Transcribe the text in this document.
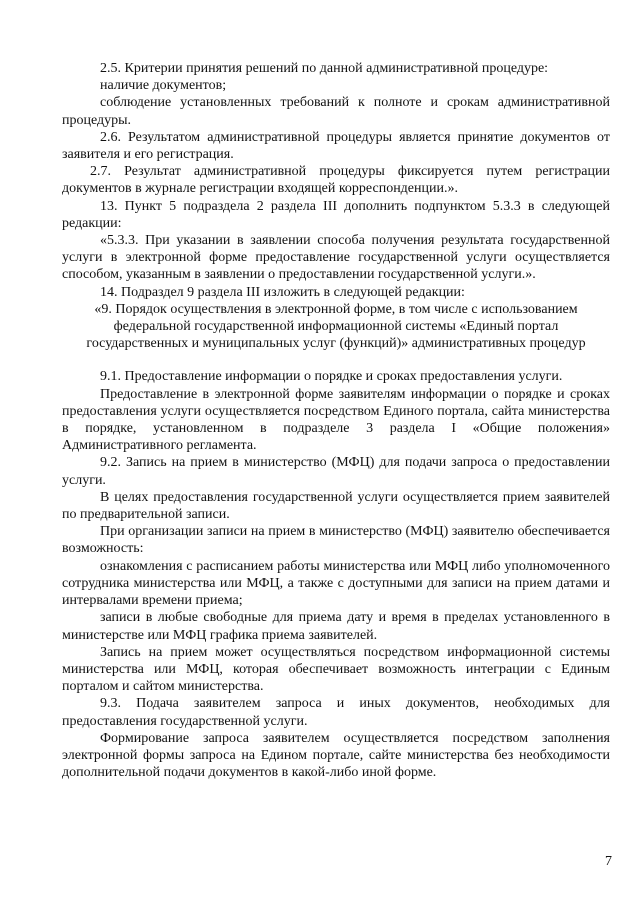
2.5. Критерии принятия решений по данной административной процедуре:

наличие документов;

соблюдение установленных требований к полноте и срокам административной процедуры.

2.6. Результатом административной процедуры является принятие документов от заявителя и его регистрация.

2.7. Результат административной процедуры фиксируется путем регистрации документов в журнале регистрации входящей корреспонденции.».

13. Пункт 5 подраздела 2 раздела III дополнить подпунктом 5.3.3 в следующей редакции:

«5.3.3. При указании в заявлении способа получения результата государственной услуги в электронной форме предоставление государственной услуги осуществляется способом, указанным в заявлении о предоставлении государственной услуги.».

14. Подраздел 9 раздела III изложить в следующей редакции:

«9. Порядок осуществления в электронной форме, в том числе с использованием федеральной государственной информационной системы «Единый портал государственных и муниципальных услуг (функций)» административных процедур

9.1. Предоставление информации о порядке и сроках предоставления услуги.

Предоставление в электронной форме заявителям информации о порядке и сроках предоставления услуги осуществляется посредством Единого портала, сайта министерства в порядке, установленном в подразделе 3 раздела I «Общие положения» Административного регламента.

9.2. Запись на прием в министерство (МФЦ) для подачи запроса о предоставлении услуги.

В целях предоставления государственной услуги осуществляется прием заявителей по предварительной записи.

При организации записи на прием в министерство (МФЦ) заявителю обеспечивается возможность:

ознакомления с расписанием работы министерства или МФЦ либо уполномоченного сотрудника министерства или МФЦ, а также с доступными для записи на прием датами и интервалами времени приема;

записи в любые свободные для приема дату и время в пределах установленного в министерстве или МФЦ графика приема заявителей.

Запись на прием может осуществляться посредством информационной системы министерства или МФЦ, которая обеспечивает возможность интеграции с Единым порталом и сайтом министерства.

9.3. Подача заявителем запроса и иных документов, необходимых для предоставления государственной услуги.

Формирование запроса заявителем осуществляется посредством заполнения электронной формы запроса на Едином портале, сайте министерства без необходимости дополнительной подачи документов в какой-либо иной форме.

7
